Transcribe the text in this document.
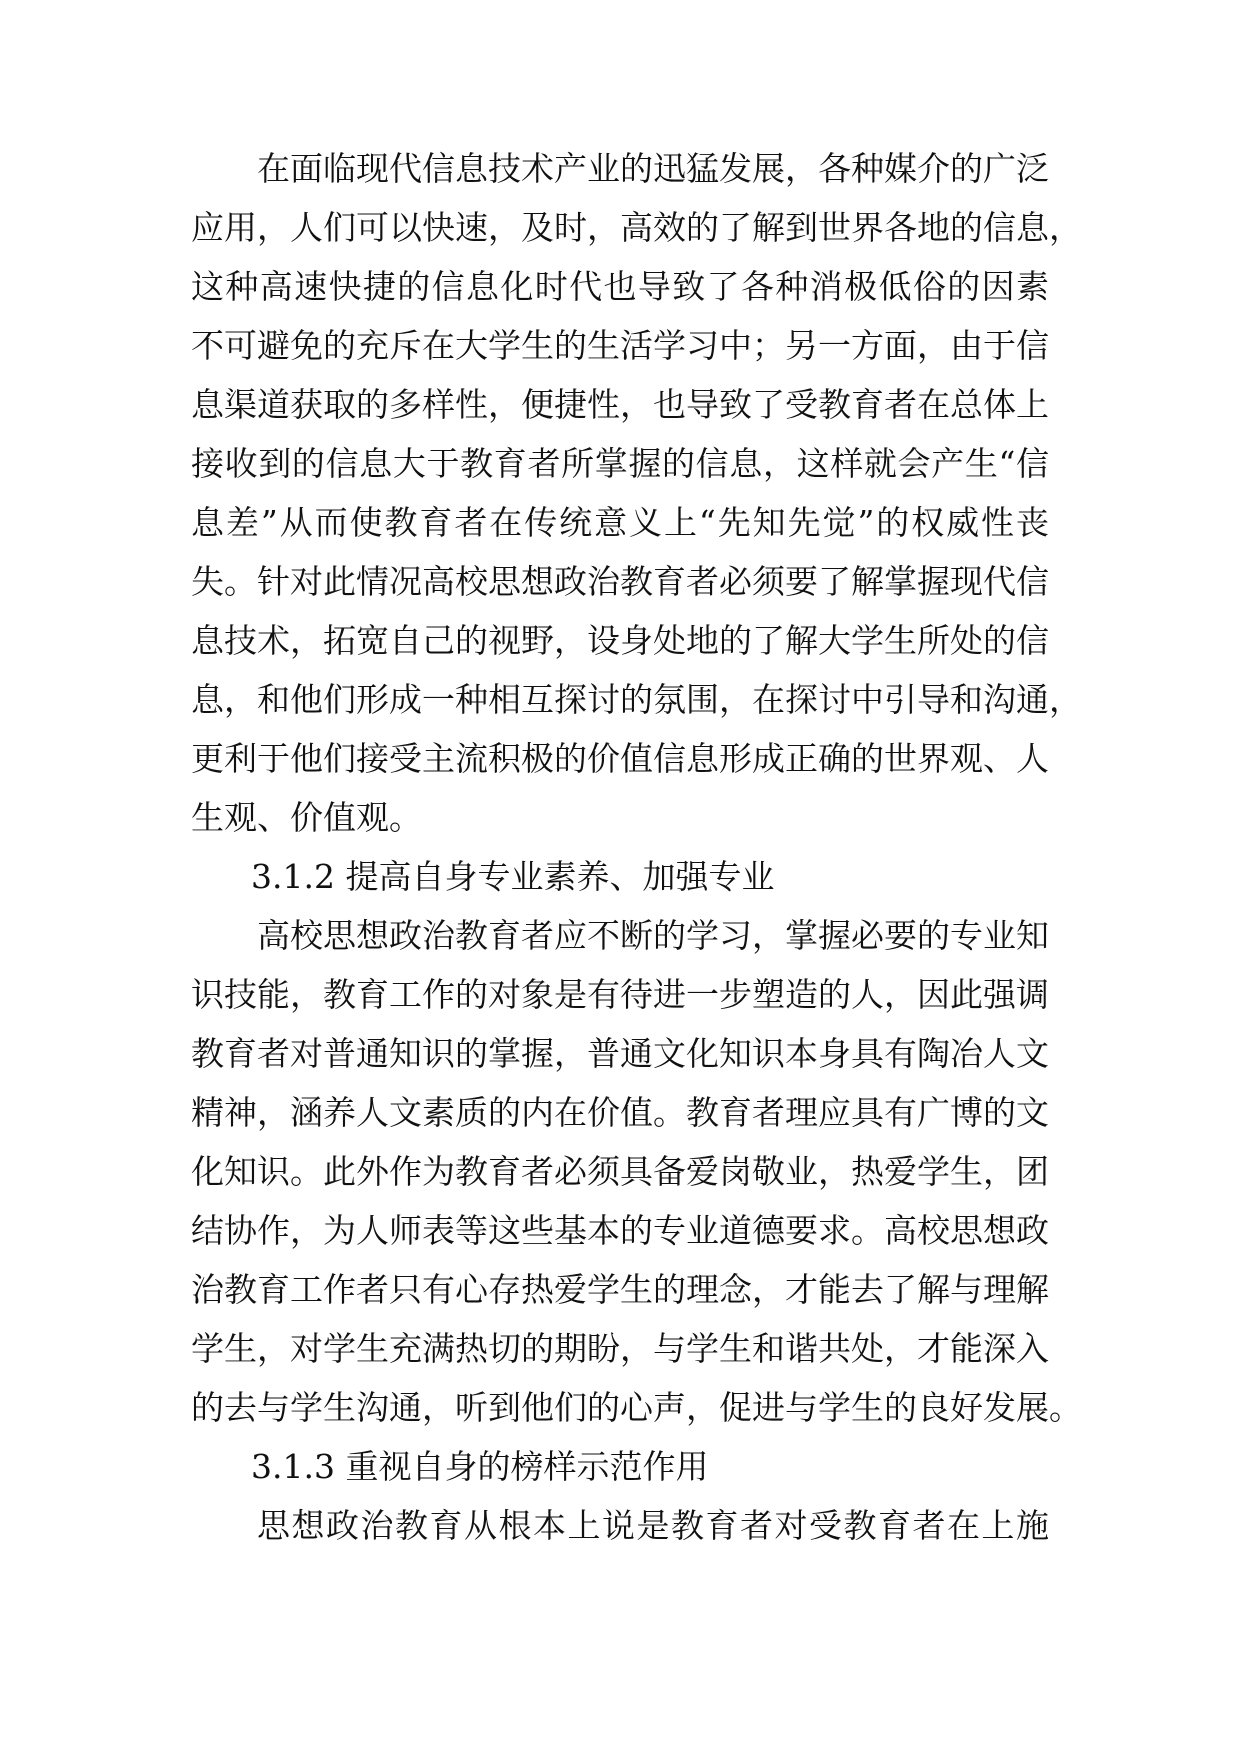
在面临现代信息技术产业的迅猛发展，各种媒介的广泛
应用，人们可以快速，及时，高效的了解到世界各地的信息，
这种高速快捷的信息化时代也导致了各种消极低俗的因素
不可避免的充斥在大学生的生活学习中；另一方面，由于信
息渠道获取的多样性，便捷性，也导致了受教育者在总体上
接收到的信息大于教育者所掌握的信息，这样就会产生“信
息差”从而使教育者在传统意义上“先知先觉”的权威性丧
失。针对此情况高校思想政治教育者必须要了解掌握现代信
息技术，拓宽自己的视野，设身处地的了解大学生所处的信
息，和他们形成一种相互探讨的氛围，在探讨中引导和沟通，
更利于他们接受主流积极的价值信息形成正确的世界观、人
生观、价值观。
3.1.2 提高自身专业素养、加强专业
高校思想政治教育者应不断的学习，掌握必要的专业知
识技能，教育工作的对象是有待进一步塑造的人，因此强调
教育者对普通知识的掌握，普通文化知识本身具有陶冶人文
精神，涵养人文素质的内在价值。教育者理应具有广博的文
化知识。此外作为教育者必须具备爱岗敬业，热爱学生，团
结协作，为人师表等这些基本的专业道德要求。高校思想政
治教育工作者只有心存热爱学生的理念，才能去了解与理解
学生，对学生充满热切的期盼，与学生和谐共处，才能深入
的去与学生沟通，听到他们的心声，促进与学生的良好发展。
3.1.3 重视自身的榜样示范作用
思想政治教育从根本上说是教育者对受教育者在上施
